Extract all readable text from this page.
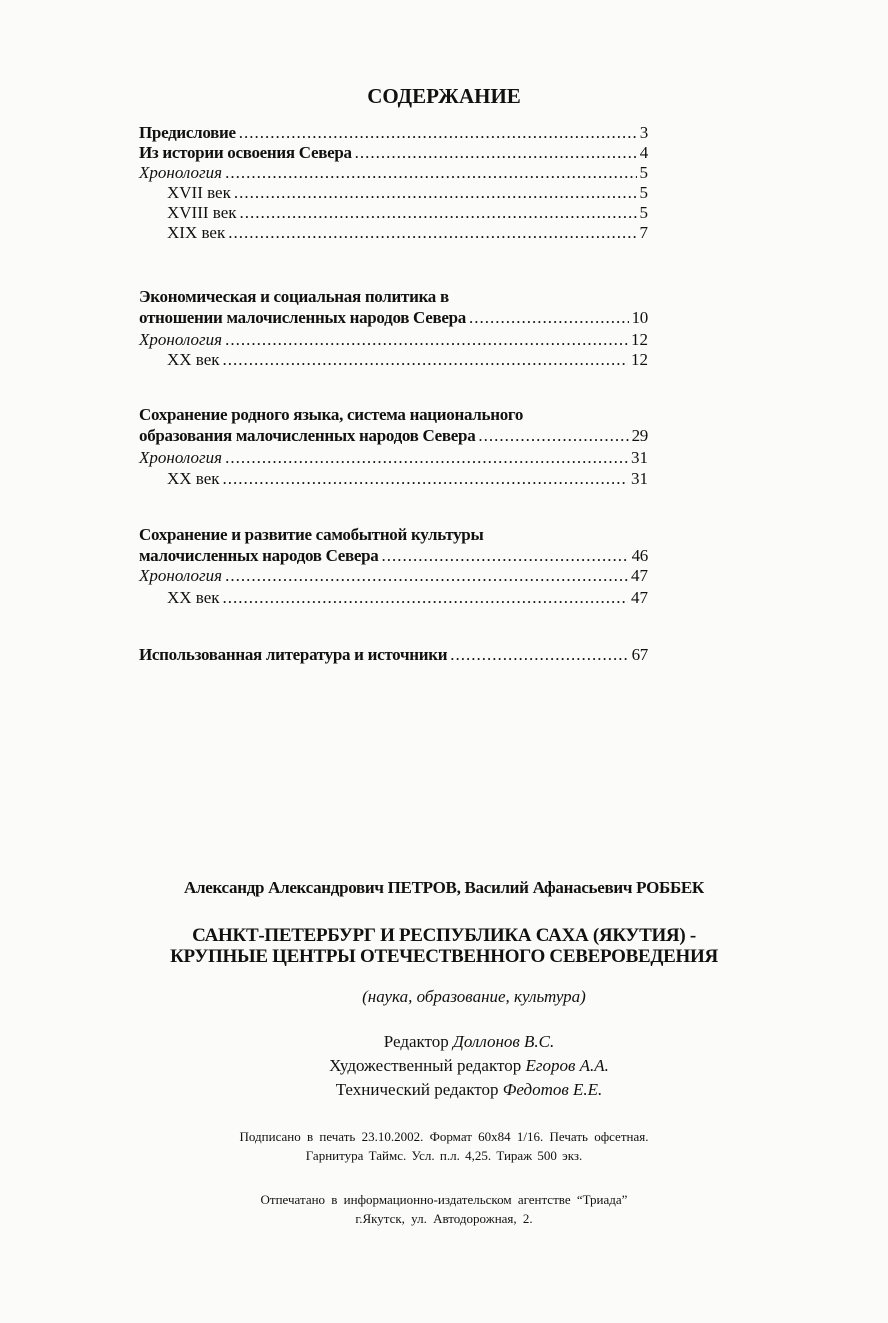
СОДЕРЖАНИЕ
Предисловие .....	3
Из истории освоения Севера .....	4
Хронология .....	5
XVII век .....	5
XVIII век .....	5
XIX век .....	7
Экономическая и социальная политика в
отношении малочисленных народов Севера .....	10
Хронология .....	12
XX век .....	12
Сохранение родного языка, система национального
образования малочисленных народов Севера .....	29
Хронология .....	31
XX век .....	31
Сохранение и развитие самобытной культуры
малочисленных народов Севера .....	46
Хронология .....	47
XX век .....	47
Использованная литература и источники .....	67
Александр Александрович ПЕТРОВ, Василий Афанасьевич РОББЕК
САНКТ-ПЕТЕРБУРГ И РЕСПУБЛИКА САХА (ЯКУТИЯ) -
КРУПНЫЕ ЦЕНТРЫ ОТЕЧЕСТВЕННОГО СЕВЕРОВЕДЕНИЯ
(наука, образование, культура)
Редактор Доллонов В.С.
Художественный редактор Егоров А.А.
Технический редактор Федотов Е.Е.
Подписано в печать 23.10.2002. Формат 60x84 1/16. Печать офсетная.
Гарнитура Таймс. Усл. п.л. 4,25. Тираж 500 экз.
Отпечатано в информационно-издательском агентстве “Триада”
г.Якутск, ул. Автодорожная, 2.
